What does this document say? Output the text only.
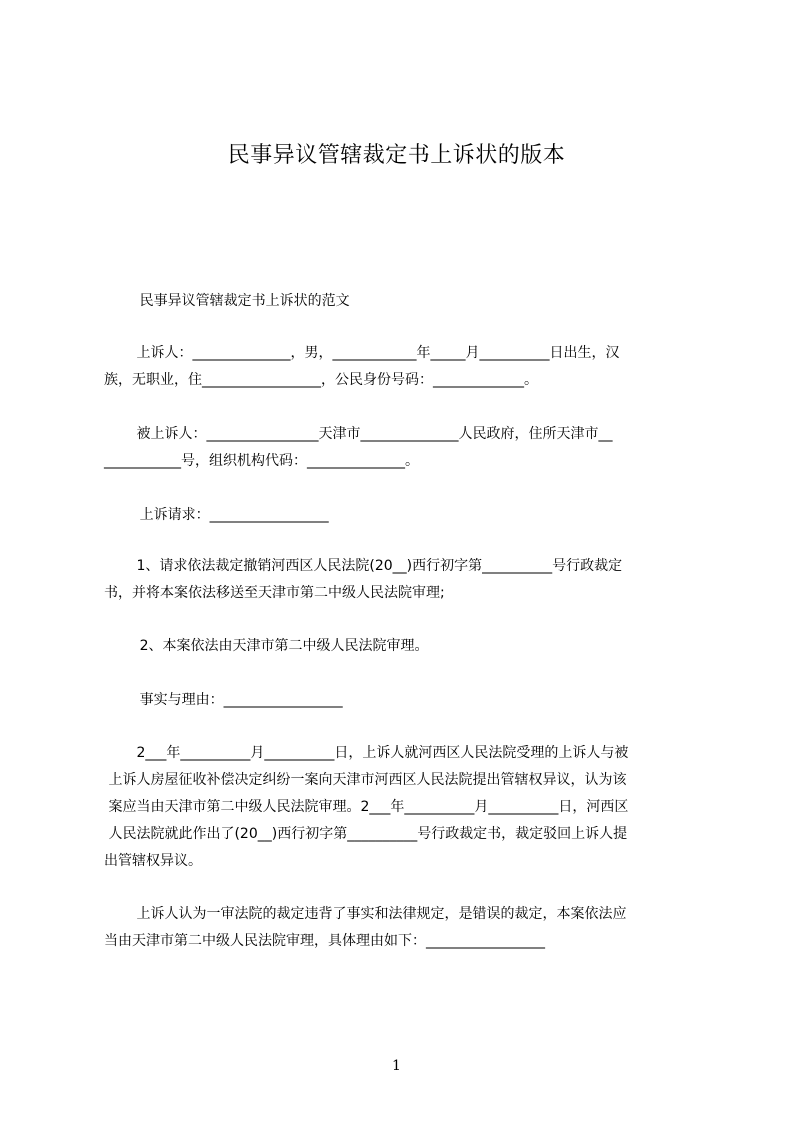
民事异议管辖裁定书上诉状的版本
民事异议管辖裁定书上诉状的范文
　　 上诉人：______________，男，____________年_____月__________日出生，汉
族，无职业，住_________________，公民身份号码：_____________。
　　 被上诉人：________________天津市______________人民政府，住所天津市__
___________号，组织机构代码：______________。
上诉请求：_________________
　　 1、请求依法裁定撤销河西区人民法院(20__)西行初字第__________号行政裁定
书，并将本案依法移送至天津市第二中级人民法院审理;
2、本案依法由天津市第二中级人民法院审理。
事实与理由：_________________
　　 2___年__________月__________日，上诉人就河西区人民法院受理的上诉人与被
上诉人房屋征收补偿决定纠纷一案向天津市河西区人民法院提出管辖权异议，认为该
案应当由天津市第二中级人民法院审理。2___年__________月__________日，河西区
人民法院就此作出了(20__)西行初字第__________号行政裁定书，裁定驳回上诉人提
出管辖权异议。
　　 上诉人认为一审法院的裁定违背了事实和法律规定，是错误的裁定，本案依法应
当由天津市第二中级人民法院审理，具体理由如下：_________________
1
